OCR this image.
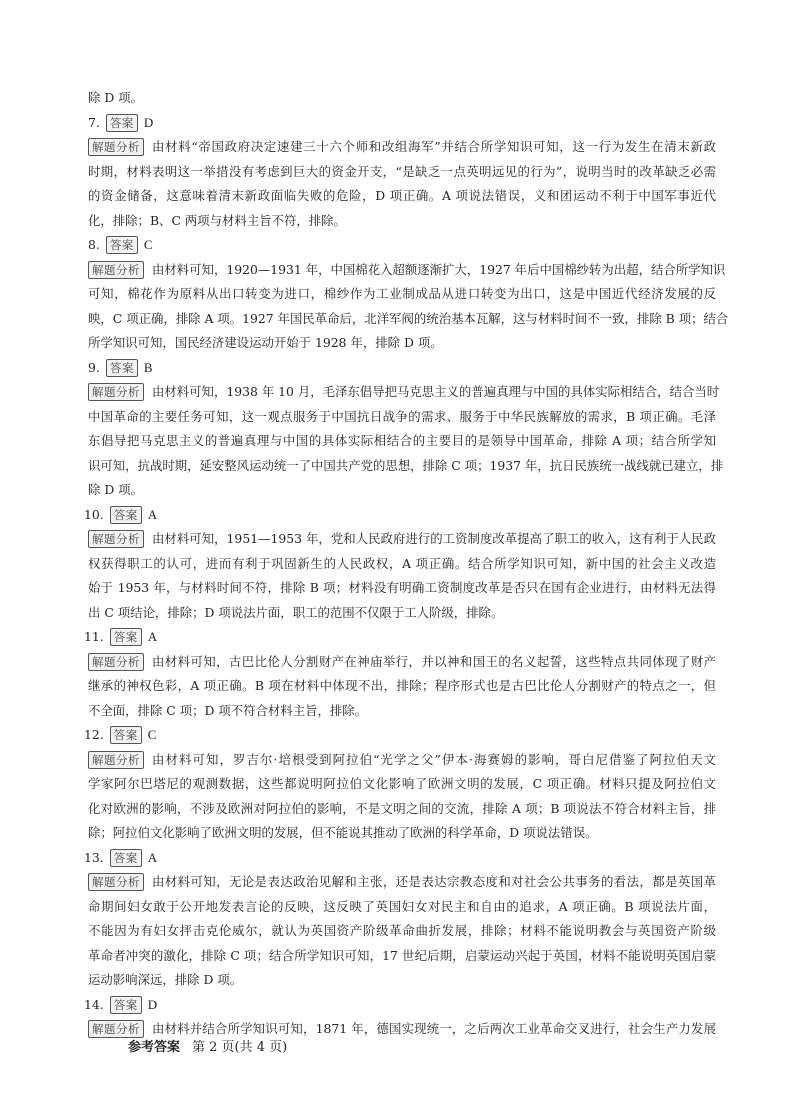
除 D 项。
7. 答案 D
解题分析 由材料“帝国政府决定速建三十六个师和改组海军”并结合所学知识可知，这一行为发生在清末新政
时期，材料表明这一举措没有考虑到巨大的资金开支，“是缺乏一点英明远见的行为”，说明当时的改革缺乏必需
的资金储备，这意味着清末新政面临失败的危险，D 项正确。A 项说法错误，义和团运动不利于中国军事近代
化，排除；B、C 两项与材料主旨不符，排除。
8. 答案 C
解题分析 由材料可知，1920—1931 年，中国棉花入超额逐渐扩大，1927 年后中国棉纱转为出超，结合所学知识
可知，棉花作为原料从出口转变为进口，棉纱作为工业制成品从进口转变为出口，这是中国近代经济发展的反
映，C 项正确，排除 A 项。1927 年国民革命后，北洋军阀的统治基本瓦解，这与材料时间不一致，排除 B 项；结合
所学知识可知，国民经济建设运动开始于 1928 年，排除 D 项。
9. 答案 B
解题分析 由材料可知，1938 年 10 月，毛泽东倡导把马克思主义的普遍真理与中国的具体实际相结合，结合当时
中国革命的主要任务可知，这一观点服务于中国抗日战争的需求、服务于中华民族解放的需求，B 项正确。毛泽
东倡导把马克思主义的普遍真理与中国的具体实际相结合的主要目的是领导中国革命，排除 A 项；结合所学知
识可知，抗战时期，延安整风运动统一了中国共产党的思想，排除 C 项；1937 年，抗日民族统一战线就已建立，排
除 D 项。
10. 答案 A
解题分析 由材料可知，1951—1953 年，党和人民政府进行的工资制度改革提高了职工的收入，这有利于人民政
权获得职工的认可，进而有利于巩固新生的人民政权，A 项正确。结合所学知识可知，新中国的社会主义改造
始于 1953 年，与材料时间不符，排除 B 项；材料没有明确工资制度改革是否只在国有企业进行，由材料无法得
出 C 项结论，排除；D 项说法片面，职工的范围不仅限于工人阶级，排除。
11. 答案 A
解题分析 由材料可知，古巴比伦人分割财产在神庙举行，并以神和国王的名义起誓，这些特点共同体现了财产
继承的神权色彩，A 项正确。B 项在材料中体现不出，排除；程序形式也是古巴比伦人分割财产的特点之一，但
不全面，排除 C 项；D 项不符合材料主旨，排除。
12. 答案 C
解题分析 由材料可知，罗吉尔·培根受到阿拉伯“光学之父”伊本·海赛姆的影响，哥白尼借鉴了阿拉伯天文
学家阿尔巴塔尼的观测数据，这些都说明阿拉伯文化影响了欧洲文明的发展，C 项正确。材料只提及阿拉伯文
化对欧洲的影响，不涉及欧洲对阿拉伯的影响，不是文明之间的交流，排除 A 项；B 项说法不符合材料主旨，排
除；阿拉伯文化影响了欧洲文明的发展，但不能说其推动了欧洲的科学革命，D 项说法错误。
13. 答案 A
解题分析 由材料可知，无论是表达政治见解和主张，还是表达宗教态度和对社会公共事务的看法，都是英国革
命期间妇女敢于公开地发表言论的反映，这反映了英国妇女对民主和自由的追求，A 项正确。B 项说法片面，
不能因为有妇女抨击克伦威尔，就认为英国资产阶级革命曲折发展，排除；材料不能说明教会与英国资产阶级
革命者冲突的激化，排除 C 项；结合所学知识可知，17 世纪后期，启蒙运动兴起于英国，材料不能说明英国启蒙
运动影响深远，排除 D 项。
14. 答案 D
解题分析 由材料并结合所学知识可知，1871 年，德国实现统一，之后两次工业革命交叉进行，社会生产力发展
参考答案 第 2 页(共 4 页)
